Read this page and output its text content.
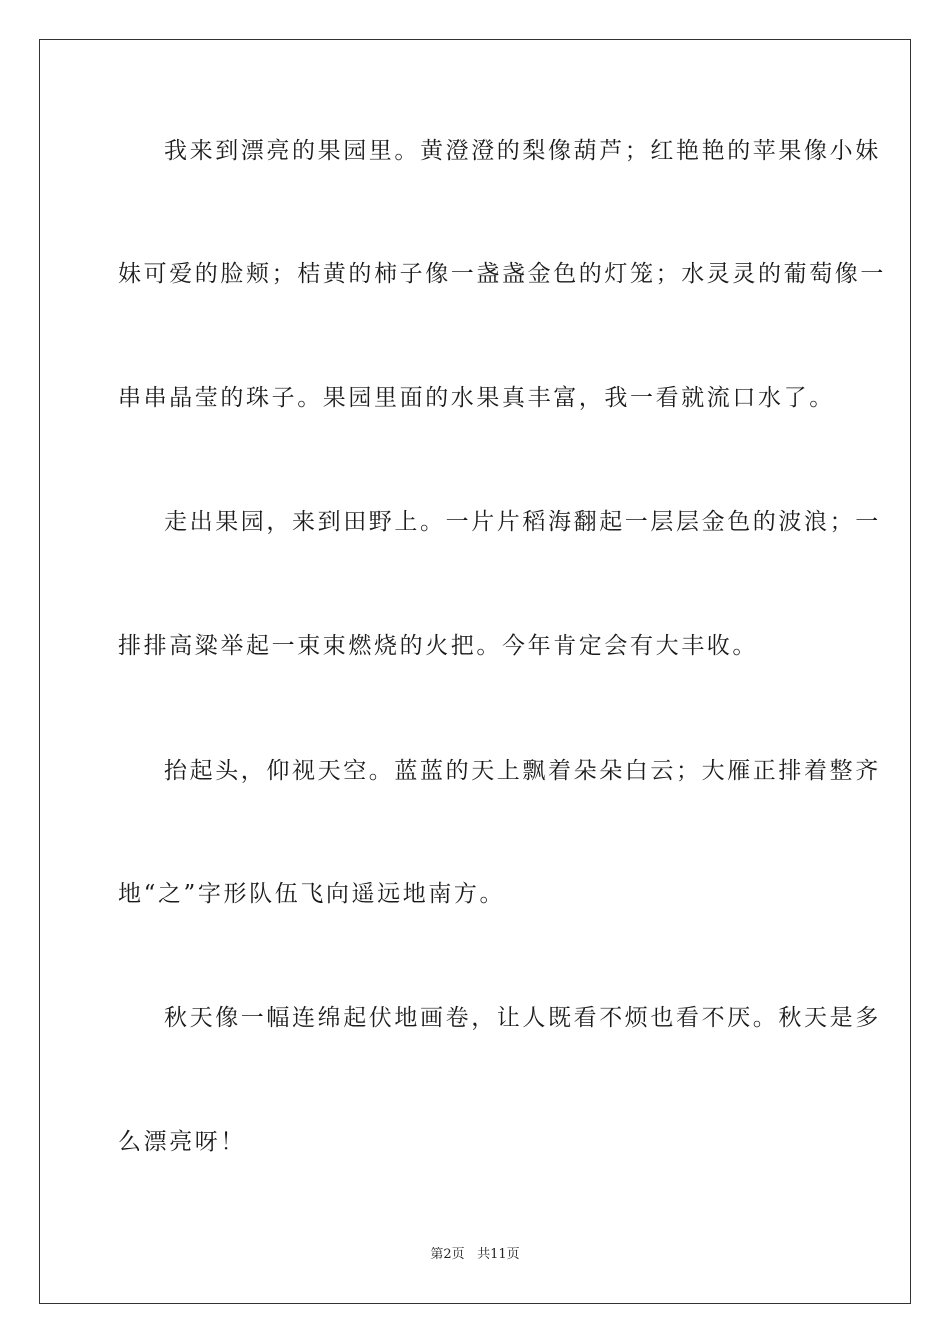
我来到漂亮的果园里。黄澄澄的梨像葫芦；红艳艳的苹果像小妹
妹可爱的脸颊；桔黄的柿子像一盏盏金色的灯笼；水灵灵的葡萄像一
串串晶莹的珠子。果园里面的水果真丰富，我一看就流口水了。
走出果园，来到田野上。一片片稻海翻起一层层金色的波浪；一
排排高粱举起一束束燃烧的火把。今年肯定会有大丰收。
抬起头，仰视天空。蓝蓝的天上飘着朵朵白云；大雁正排着整齐
地“之”字形队伍飞向遥远地南方。
秋天像一幅连绵起伏地画卷，让人既看不烦也看不厌。秋天是多
么漂亮呀！
第2页 共11页
